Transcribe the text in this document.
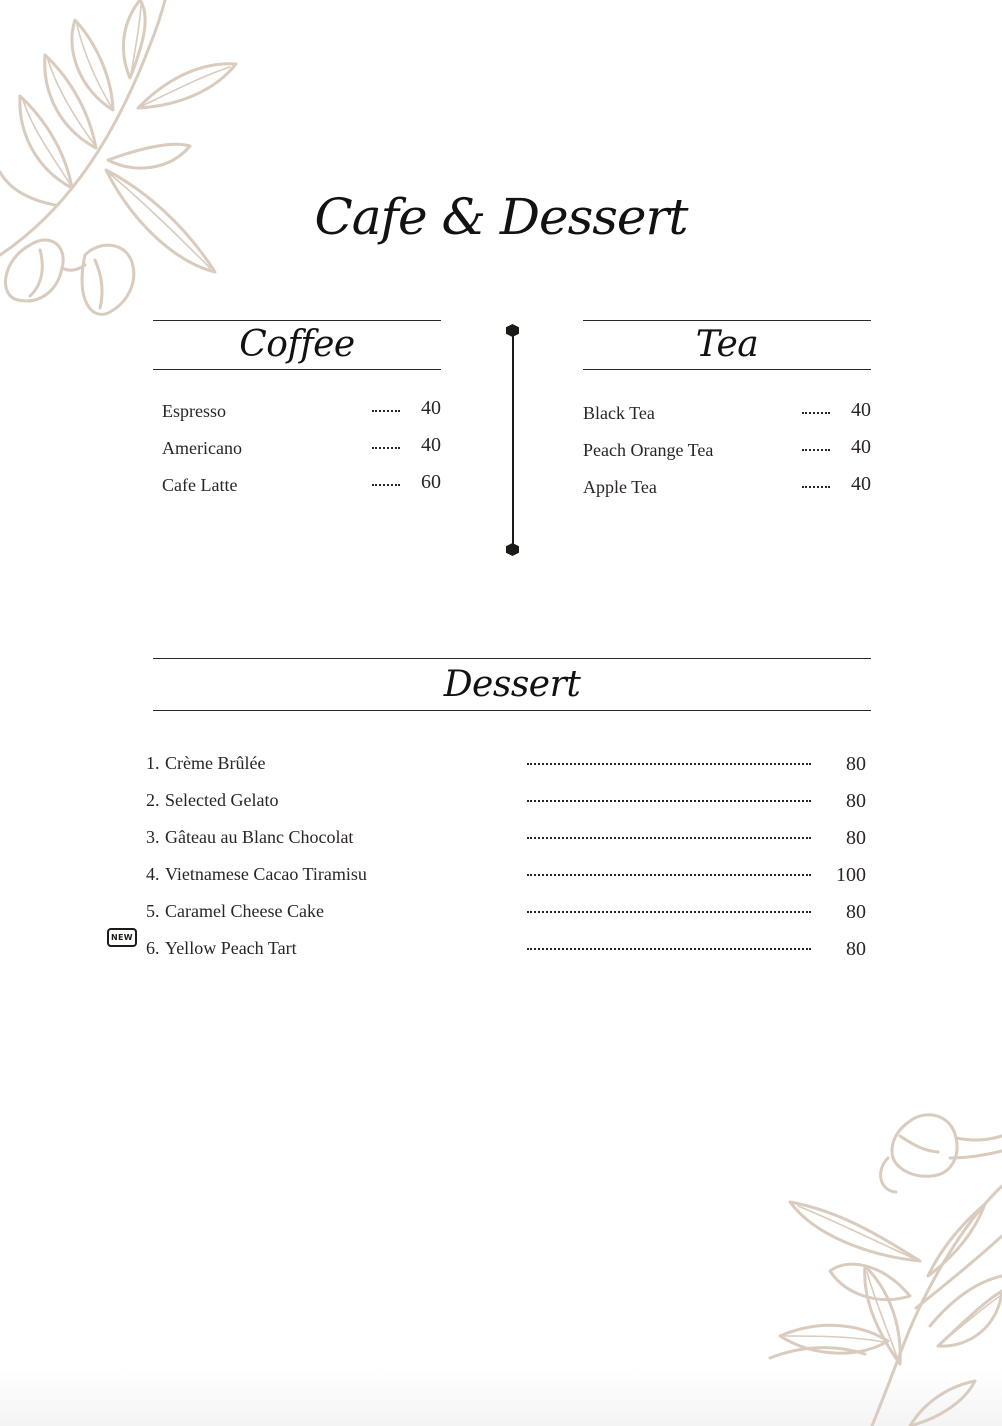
Cafe & Dessert
Coffee
Espresso	40
Americano	40
Cafe Latte	60
Tea
Black Tea	40
Peach Orange Tea	40
Apple Tea	40
Dessert
1. Crème Brûlée	80
2. Selected Gelato	80
3. Gâteau au Blanc Chocolat	80
4. Vietnamese Cacao Tiramisu	100
5. Caramel Cheese Cake	80
6. Yellow Peach Tart	80
NEW
